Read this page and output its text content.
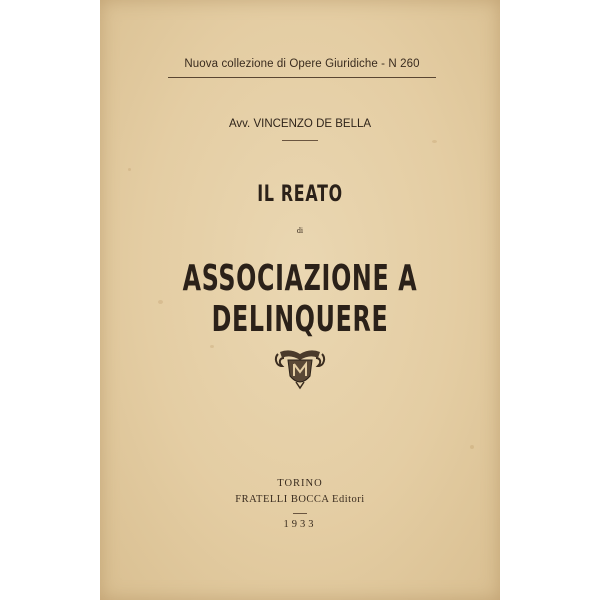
Nuova collezione di Opere Giuridiche - N 260
Avv. VINCENZO DE BELLA
IL REATO
di
ASSOCIAZIONE A DELINQUERE
TORINO
FRATELLI BOCCA Editori
1933
